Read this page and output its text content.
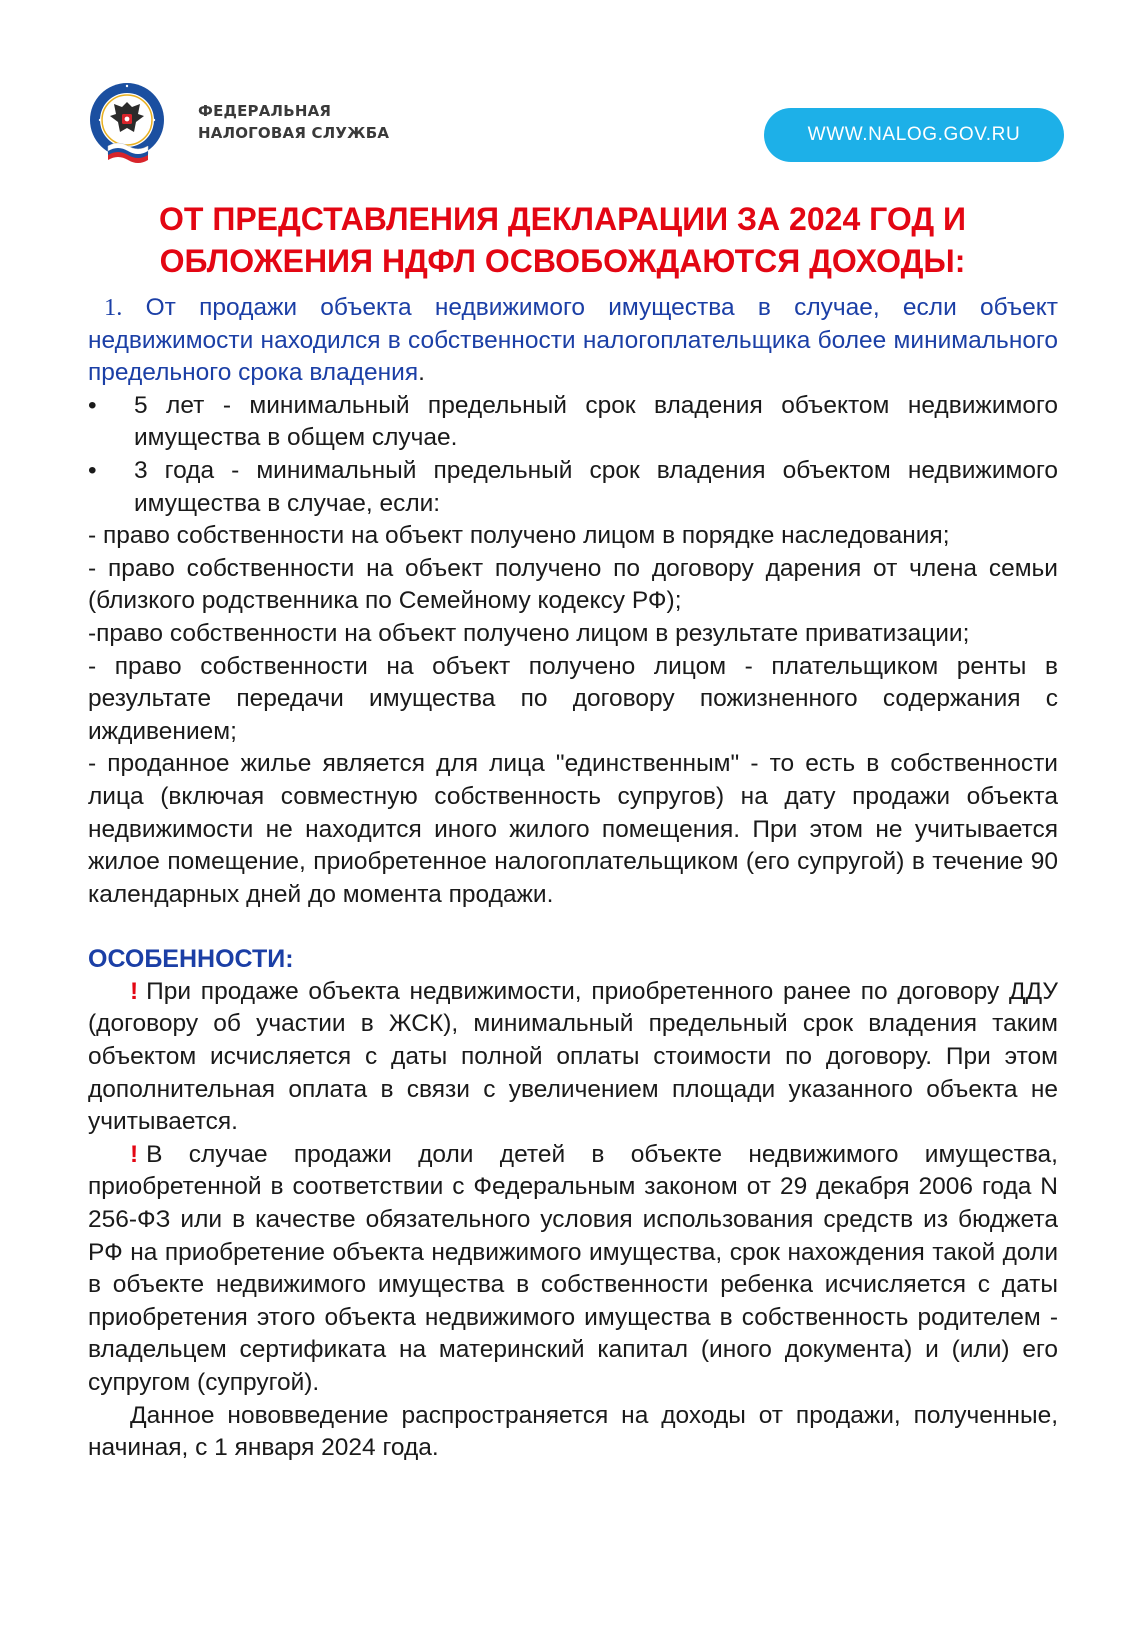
ФЕДЕРАЛЬНАЯ
НАЛОГОВАЯ СЛУЖБА	WWW.NALOG.GOV.RU
ОТ ПРЕДСТАВЛЕНИЯ ДЕКЛАРАЦИИ ЗА 2024 ГОД И
ОБЛОЖЕНИЯ НДФЛ ОСВОБОЖДАЮТСЯ ДОХОДЫ:

1. От продажи объекта недвижимого имущества в случае, если объект недвижимости находился в собственности налогоплательщика более минимального предельного срока владения.

• 5 лет - минимальный предельный срок владения объектом недвижимого имущества в общем случае.
• 3 года - минимальный предельный срок владения объектом недвижимого имущества в случае, если:

- право собственности на объект получено лицом в порядке наследования;

- право собственности на объект получено по договору дарения от члена семьи (близкого родственника по Семейному кодексу РФ);

-право собственности на объект получено лицом в результате приватизации;

- право собственности на объект получено лицом - плательщиком ренты в результате передачи имущества по договору пожизненного содержания с иждивением;

- проданное жилье является для лица "единственным" - то есть в собственности лица (включая совместную собственность супругов) на дату продажи объекта недвижимости не находится иного жилого помещения. При этом не учитывается жилое помещение, приобретенное налогоплательщиком (его супругой) в течение 90 календарных дней до момента продажи.

ОСОБЕННОСТИ:

! При продаже объекта недвижимости, приобретенного ранее по договору ДДУ (договору об участии в ЖСК), минимальный предельный срок владения таким объектом исчисляется с даты полной оплаты стоимости по договору. При этом дополнительная оплата в связи с увеличением площади указанного объекта не учитывается.

! В случае продажи доли детей в объекте недвижимого имущества, приобретенной в соответствии с Федеральным законом от 29 декабря 2006 года N 256-ФЗ или в качестве обязательного условия использования средств из бюджета РФ на приобретение объекта недвижимого имущества, срок нахождения такой доли в объекте недвижимого имущества в собственности ребенка исчисляется с даты приобретения этого объекта недвижимого имущества в собственность родителем - владельцем сертификата на материнский капитал (иного документа) и (или) его супругом (супругой).

Данное нововведение распространяется на доходы от продажи, полученные, начиная, с 1 января 2024 года.
